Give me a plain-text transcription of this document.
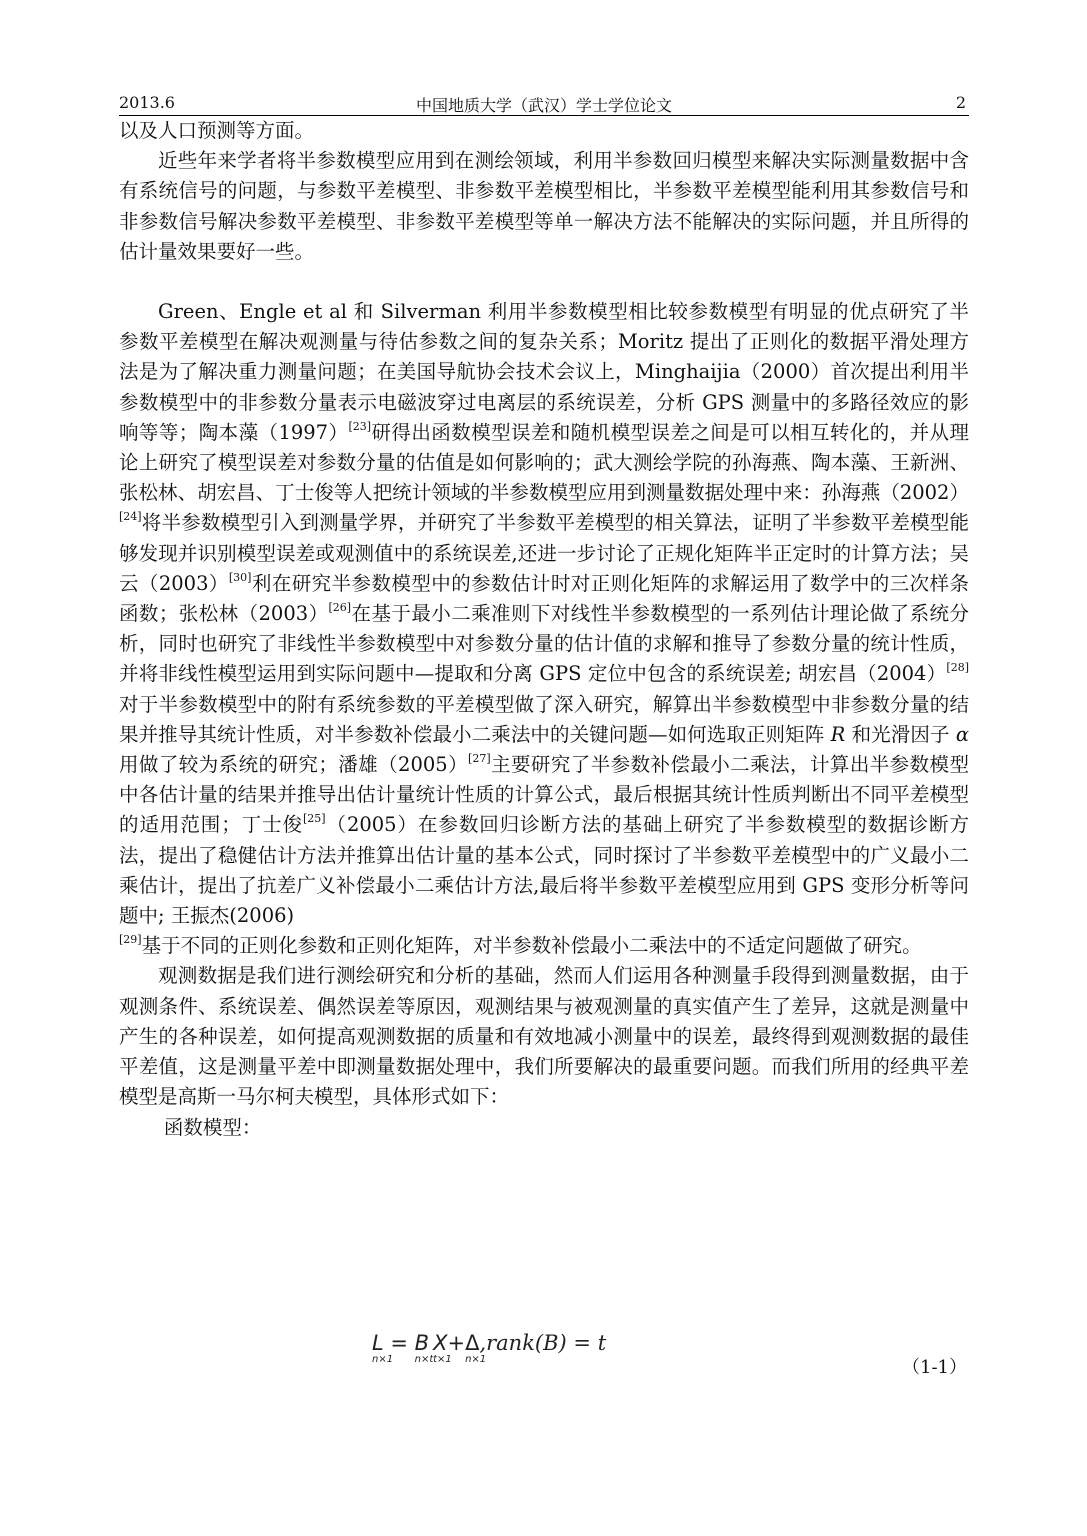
2013.6	中国地质大学（武汉）学士学位论文	2

以及人口预测等方面。

近些年来学者将半参数模型应用到在测绘领域，利用半参数回归模型来解决实际测量数据中含有系统信号的问题，与参数平差模型、非参数平差模型相比，半参数平差模型能利用其参数信号和非参数信号解决参数平差模型、非参数平差模型等单一解决方法不能解决的实际问题，并且所得的估计量效果要好一些。

Green、Engle et al 和 Silverman 利用半参数模型相比较参数模型有明显的优点研究了半参数平差模型在解决观测量与待估参数之间的复杂关系；Moritz 提出了正则化的数据平滑处理方法是为了解决重力测量问题；在美国导航协会技术会议上，Minghaijia（2000）首次提出利用半参数模型中的非参数分量表示电磁波穿过电离层的系统误差，分析 GPS 测量中的多路径效应的影响等等；陶本藻（1997）[23]研得出函数模型误差和随机模型误差之间是可以相互转化的，并从理论上研究了模型误差对参数分量的估值是如何影响的；武大测绘学院的孙海燕、陶本藻、王新洲、张松林、胡宏昌、丁士俊等人把统计领域的半参数模型应用到测量数据处理中来：孙海燕（2002）[24]将半参数模型引入到测量学界，并研究了半参数平差模型的相关算法，证明了半参数平差模型能够发现并识别模型误差或观测值中的系统误差,还进一步讨论了正规化矩阵半正定时的计算方法；吴云（2003）[30]利在研究半参数模型中的参数估计时对正则化矩阵的求解运用了数学中的三次样条函数；张松林（2003）[26]在基于最小二乘准则下对线性半参数模型的一系列估计理论做了系统分析，同时也研究了非线性半参数模型中对参数分量的估计值的求解和推导了参数分量的统计性质，并将非线性模型运用到实际问题中—提取和分离 GPS 定位中包含的系统误差; 胡宏昌（2004）[28]对于半参数模型中的附有系统参数的平差模型做了深入研究，解算出半参数模型中非参数分量的结果并推导其统计性质，对半参数补偿最小二乘法中的关键问题—如何选取正则矩阵 R 和光滑因子 α 用做了较为系统的研究；潘雄（2005）[27]主要研究了半参数补偿最小二乘法，计算出半参数模型中各估计量的结果并推导出估计量统计性质的计算公式，最后根据其统计性质判断出不同平差模型的适用范围；丁士俊[25]（2005）在参数回归诊断方法的基础上研究了半参数模型的数据诊断方法，提出了稳健估计方法并推算出估计量的基本公式，同时探讨了半参数平差模型中的广义最小二乘估计，提出了抗差广义补偿最小二乘估计方法,最后将半参数平差模型应用到 GPS 变形分析等问题中; 王振杰(2006)
[29]基于不同的正则化参数和正则化矩阵，对半参数补偿最小二乘法中的不适定问题做了研究。

观测数据是我们进行测绘研究和分析的基础，然而人们运用各种测量手段得到测量数据，由于观测条件、系统误差、偶然误差等原因，观测结果与被观测量的真实值产生了差异，这就是测量中产生的各种误差，如何提高观测数据的质量和有效地减小测量中的误差，最终得到观测数据的最佳平差值，这是测量平差中即测量数据处理中，我们所要解决的最重要问题。而我们所用的经典平差模型是高斯一马尔柯夫模型，具体形式如下：

函数模型：

L
n×1
= B
n×t
X
t×1
+Δ
n×1
,rank(B) = t
（1-1）
